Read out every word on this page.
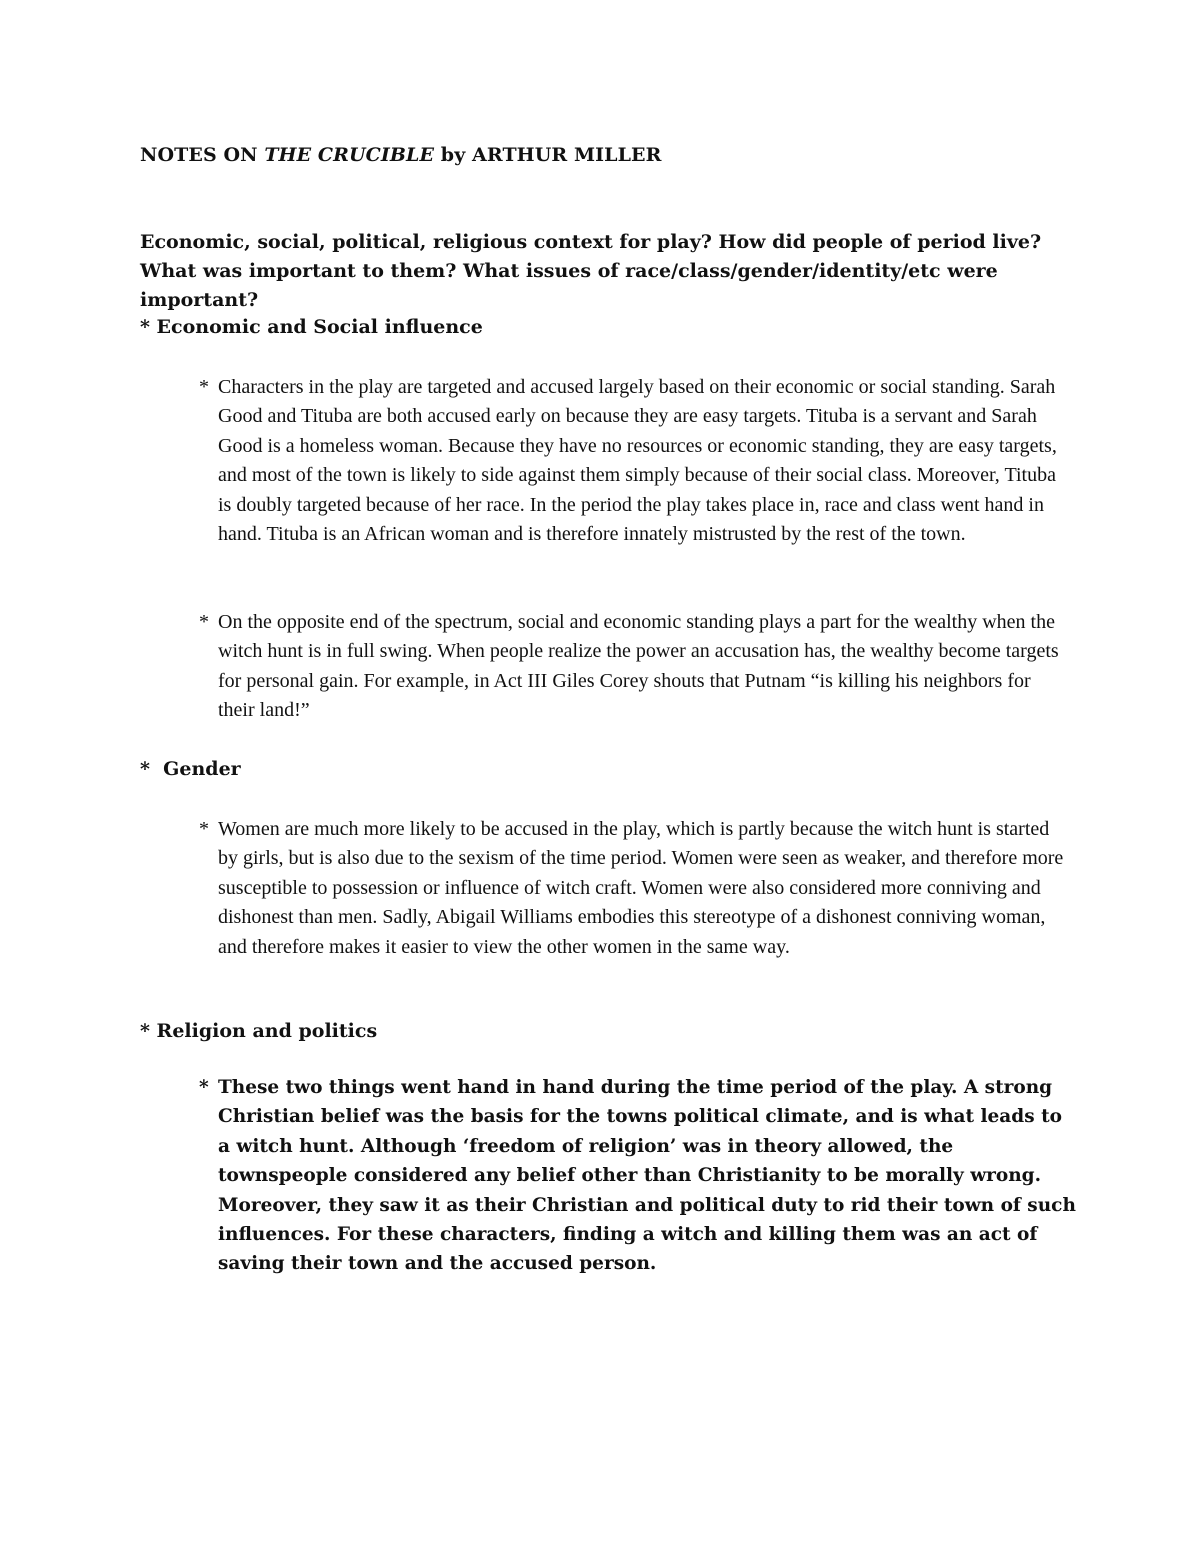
NOTES ON THE CRUCIBLE by ARTHUR MILLER
Economic, social, political, religious context for play? How did people of period live? What was important to them? What issues of race/class/gender/identity/etc were important?
* Economic and Social influence
* Characters in the play are targeted and accused largely based on their economic or social standing. Sarah Good and Tituba are both accused early on because they are easy targets. Tituba is a servant and Sarah Good is a homeless woman. Because they have no resources or economic standing, they are easy targets, and most of the town is likely to side against them simply because of their social class. Moreover, Tituba is doubly targeted because of her race. In the period the play takes place in, race and class went hand in hand. Tituba is an African woman and is therefore innately mistrusted by the rest of the town.
* On the opposite end of the spectrum, social and economic standing plays a part for the wealthy when the witch hunt is in full swing. When people realize the power an accusation has, the wealthy become targets for personal gain. For example, in Act III Giles Corey shouts that Putnam “is killing his neighbors for their land!”
*  Gender
* Women are much more likely to be accused in the play, which is partly because the witch hunt is started by girls, but is also due to the sexism of the time period. Women were seen as weaker, and therefore more susceptible to possession or influence of witch craft. Women were also considered more conniving and dishonest than men. Sadly, Abigail Williams embodies this stereotype of a dishonest conniving woman, and therefore makes it easier to view the other women in the same way.
* Religion and politics
* These two things went hand in hand during the time period of the play. A strong Christian belief was the basis for the towns political climate, and is what leads to a witch hunt. Although ‘freedom of religion’ was in theory allowed, the townspeople considered any belief other than Christianity to be morally wrong. Moreover, they saw it as their Christian and political duty to rid their town of such influences. For these characters, finding a witch and killing them was an act of saving their town and the accused person.
